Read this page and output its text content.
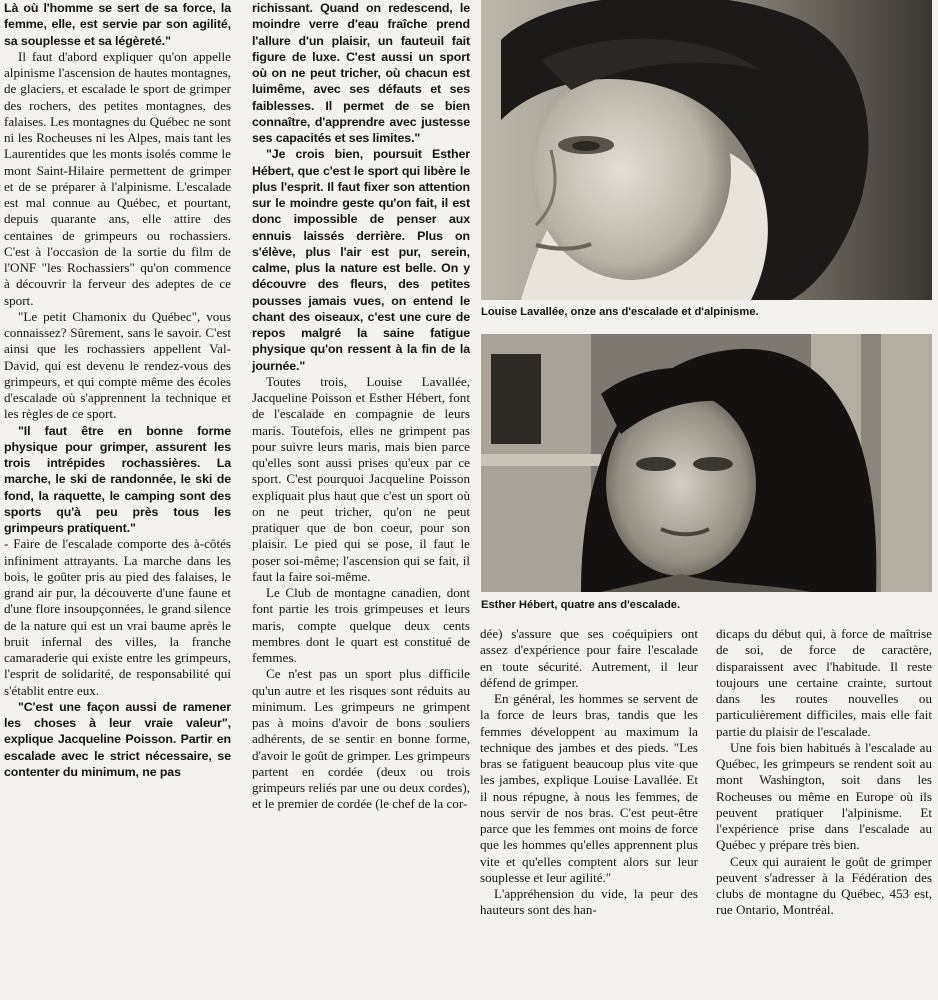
Là où l'homme se sert de sa force, la femme, elle, est servie par son agilité, sa souplesse et sa légèreté."

Il faut d'abord expliquer qu'on appelle alpinisme l'ascension de hautes montagnes, de glaciers, et escalade le sport de grimper des rochers, des petites montagnes, des falaises. Les montagnes du Québec ne sont ni les Rocheuses ni les Alpes, mais tant les Laurentides que les monts isolés comme le mont Saint-Hilaire permettent de grimper et de se préparer à l'alpinisme. L'escalade est mal connue au Québec, et pourtant, depuis quarante ans, elle attire des centaines de grimpeurs ou rochassiers. C'est à l'occasion de la sortie du film de l'ONF "les Rochassiers" qu'on commence à découvrir la ferveur des adeptes de ce sport.

"Le petit Chamonix du Québec", vous connaissez? Sûrement, sans le savoir. C'est ainsi que les rochassiers appellent Val-David, qui est devenu le rendez-vous des grimpeurs, et qui compte même des écoles d'escalade où s'apprennent la technique et les règles de ce sport.

"Il faut être en bonne forme physique pour grimper, assurent les trois intrépides rochassières. La marche, le ski de randonnée, le ski de fond, la raquette, le camping sont des sports qu'à peu près tous les grimpeurs pratiquent."

- Faire de l'escalade comporte des à-côtés infiniment attrayants. La marche dans les bois, le goûter pris au pied des falaises, le grand air pur, la découverte d'une faune et d'une flore insoupçonnées, le grand silence de la nature qui est un vrai baume après le bruit infernal des villes, la franche camaraderie qui existe entre les grimpeurs, l'esprit de solidarité, de responsabilité qui s'établit entre eux.

"C'est une façon aussi de ramener les choses à leur vraie valeur", explique Jacqueline Poisson. Partir en escalade avec le strict nécessaire, se contenter du minimum, ne pas

richissant. Quand on redescend, le moindre verre d'eau fraîche prend l'allure d'un plaisir, un fauteuil fait figure de luxe. C'est aussi un sport où on ne peut tricher, où chacun est luimême, avec ses défauts et ses faiblesses. Il permet de se bien connaître, d'apprendre avec justesse ses capacités et ses limites."

"Je crois bien, poursuit Esther Hébert, que c'est le sport qui libère le plus l'esprit. Il faut fixer son attention sur le moindre geste qu'on fait, il est donc impossible de penser aux ennuis laissés derrière. Plus on s'élève, plus l'air est pur, serein, calme, plus la nature est belle. On y découvre des fleurs, des petites pousses jamais vues, on entend le chant des oiseaux, c'est une cure de repos malgré la saine fatigue physique qu'on ressent à la fin de la journée."

Toutes trois, Louise Lavallée, Jacqueline Poisson et Esther Hébert, font de l'escalade en compagnie de leurs maris. Toutefois, elles ne grimpent pas pour suivre leurs maris, mais bien parce qu'elles sont aussi prises qu'eux par ce sport. C'est pourquoi Jacqueline Poisson expliquait plus haut que c'est un sport où on ne peut tricher, qu'on ne peut pratiquer que de bon coeur, pour son plaisir. Le pied qui se pose, il faut le poser soi-même; l'ascension qui se fait, il faut la faire soi-même.

Le Club de montagne canadien, dont font partie les trois grimpeuses et leurs maris, compte quelque deux cents membres dont le quart est constitué de femmes.

Ce n'est pas un sport plus difficile qu'un autre et les risques sont réduits au minimum. Les grimpeurs ne grimpent pas à moins d'avoir de bons souliers adhérents, de se sentir en bonne forme, d'avoir le goût de grimper. Les grimpeurs partent en cordée (deux ou trois grimpeurs reliés par une ou deux cordes), et le premier de cordée (le chef de la cor-

Louise Lavallée, onze ans d'escalade et d'alpinisme.
Esther Hébert, quatre ans d'escalade.

dée) s'assure que ses coéquipiers ont assez d'expérience pour faire l'escalade en toute sécurité. Autrement, il leur défend de grimper.

En général, les hommes se servent de la force de leurs bras, tandis que les femmes développent au maximum la technique des jambes et des pieds. "Les bras se fatiguent beaucoup plus vite que les jambes, explique Louise Lavallée. Et il nous répugne, à nous les femmes, de nous servir de nos bras. C'est peut-être parce que les femmes ont moins de force que les hommes qu'elles apprennent plus vite et qu'elles comptent alors sur leur souplesse et leur agilité."

L'appréhension du vide, la peur des hauteurs sont des han-

dicaps du début qui, à force de maîtrise de soi, de force de caractère, disparaissent avec l'habitude. Il reste toujours une certaine crainte, surtout dans les routes nouvelles ou particulièrement difficiles, mais elle fait partie du plaisir de l'escalade.

Une fois bien habitués à l'escalade au Québec, les grimpeurs se rendent soit au mont Washington, soit dans les Rocheuses ou même en Europe où ils peuvent pratiquer l'alpinisme. Et l'expérience prise dans l'escalade au Québec y prépare très bien.

Ceux qui auraient le goût de grimper peuvent s'adresser à la Fédération des clubs de montagne du Québec, 453 est, rue Ontario, Montréal.
